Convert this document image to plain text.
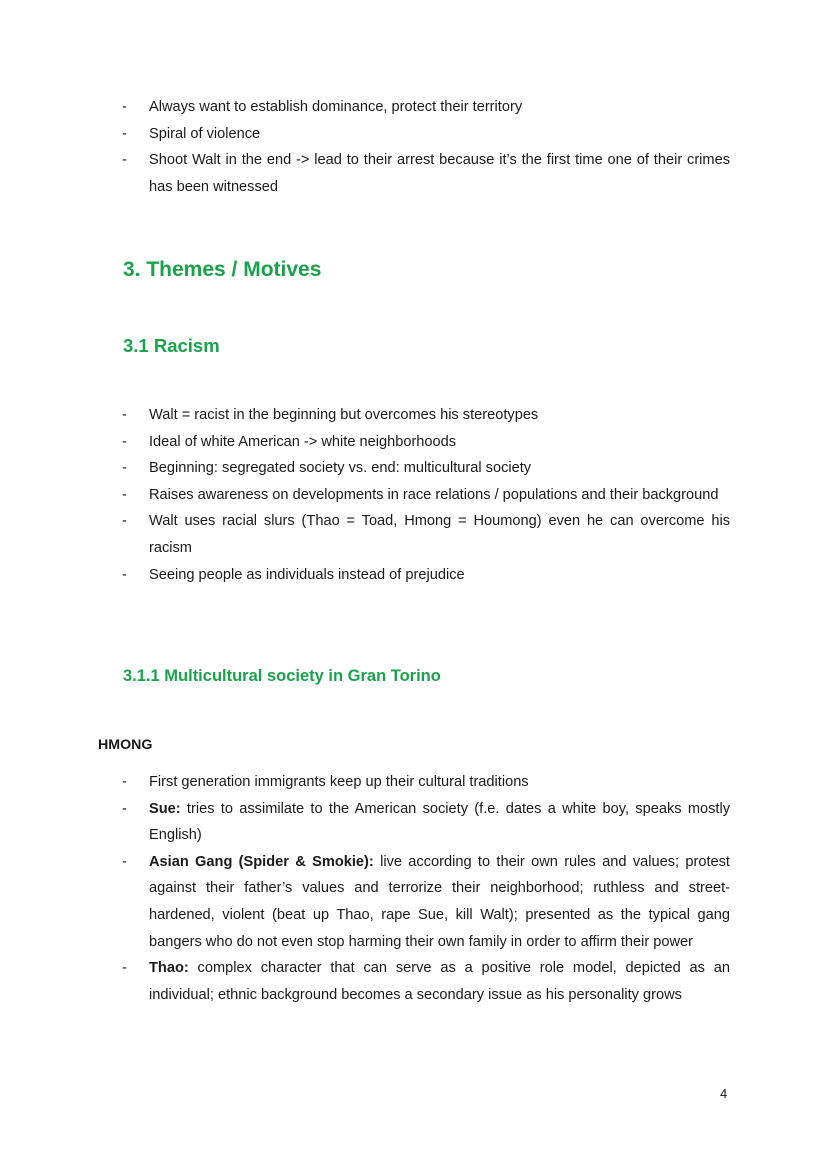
- Always want to establish dominance, protect their territory
- Spiral of violence
- Shoot Walt in the end -> lead to their arrest because it’s the first time one of their crimes has been witnessed
3. Themes / Motives
3.1 Racism
- Walt = racist in the beginning but overcomes his stereotypes
- Ideal of white American -> white neighborhoods
- Beginning: segregated society vs. end: multicultural society
- Raises awareness on developments in race relations / populations and their background
- Walt uses racial slurs (Thao = Toad, Hmong = Houmong) even he can overcome his racism
- Seeing people as individuals instead of prejudice
3.1.1 Multicultural society in Gran Torino

HMONG

- First generation immigrants keep up their cultural traditions
- Sue: tries to assimilate to the American society (f.e. dates a white boy, speaks mostly English)
- Asian Gang (Spider & Smokie): live according to their own rules and values; protest against their father’s values and terrorize their neighborhood; ruthless and street-hardened, violent (beat up Thao, rape Sue, kill Walt); presented as the typical gang bangers who do not even stop harming their own family in order to affirm their power
- Thao: complex character that can serve as a positive role model, depicted as an individual; ethnic background becomes a secondary issue as his personality grows
4
